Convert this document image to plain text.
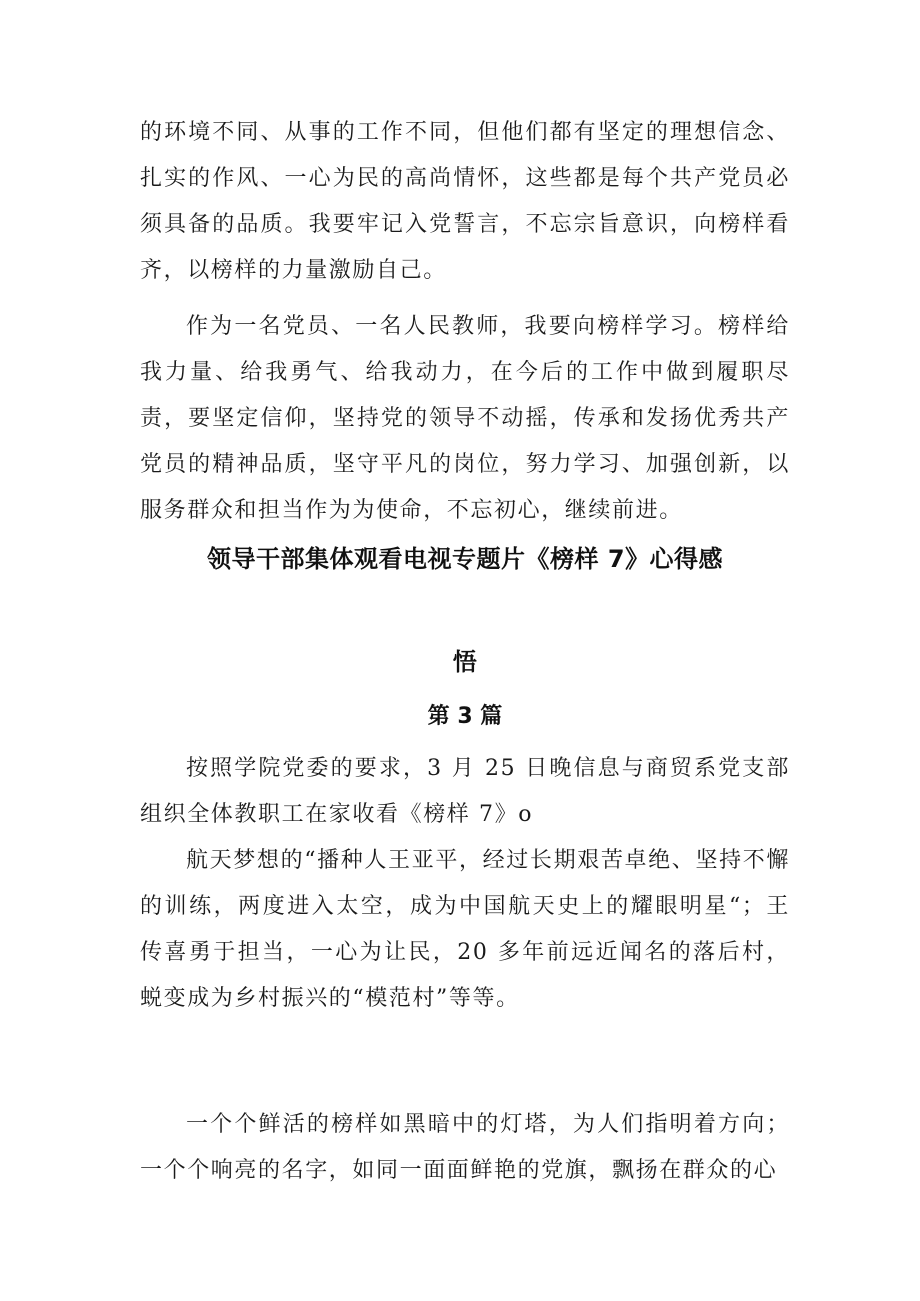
的环境不同、从事的工作不同，但他们都有坚定的理想信念、扎实的作风、一心为民的高尚情怀，这些都是每个共产党员必须具备的品质。我要牢记入党誓言，不忘宗旨意识，向榜样看齐，以榜样的力量激励自己。

作为一名党员、一名人民教师，我要向榜样学习。榜样给我力量、给我勇气、给我动力，在今后的工作中做到履职尽责，要坚定信仰，坚持党的领导不动摇，传承和发扬优秀共产党员的精神品质，坚守平凡的岗位，努力学习、加强创新，以服务群众和担当作为为使命，不忘初心，继续前进。

领导干部集体观看电视专题片《榜样 7》心得感
悟
第 3 篇

按照学院党委的要求，3 月 25 日晚信息与商贸系党支部组织全体教职工在家收看《榜样 7》o

航天梦想的“播种人王亚平，经过长期艰苦卓绝、坚持不懈的训练，两度进入太空，成为中国航天史上的耀眼明星“；王传喜勇于担当，一心为让民，20 多年前远近闻名的落后村，蜕变成为乡村振兴的“模范村”等等。

一个个鲜活的榜样如黑暗中的灯塔，为人们指明着方向；一个个响亮的名字，如同一面面鲜艳的党旗，飘扬在群众的心
